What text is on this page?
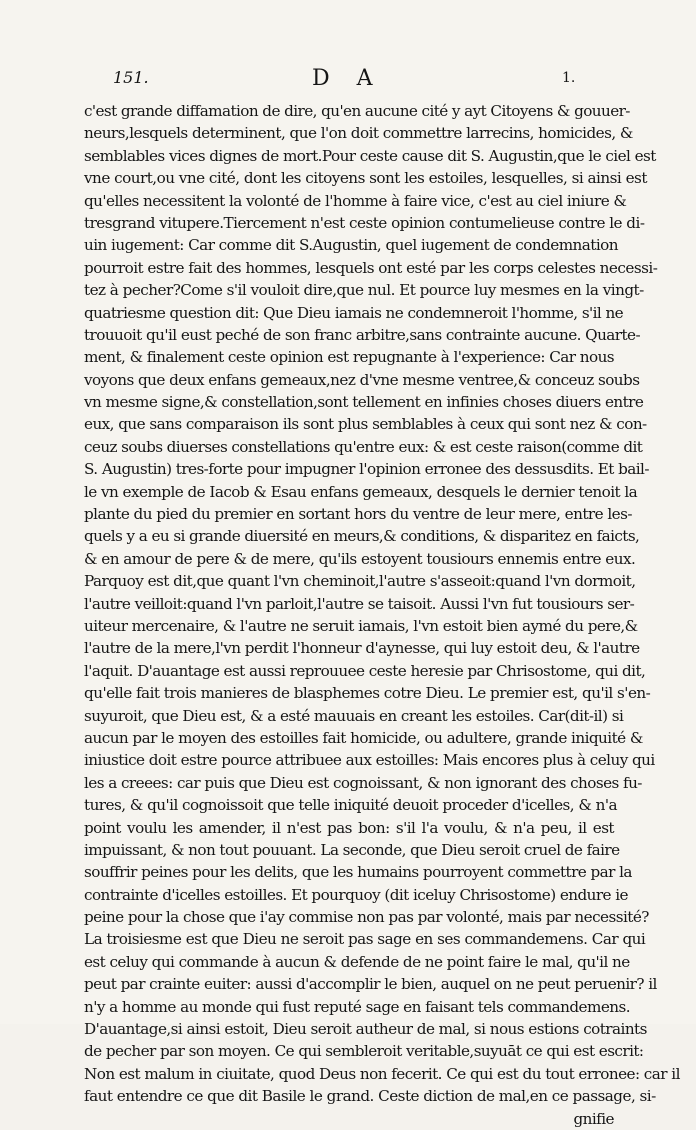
151.	D A	1.
c'est grande diffamation de dire, qu'en aucune cité y ayt Citoyens & gouuer-
neurs,lesquels determinent, que l'on doit commettre larrecins, homicides, &
semblables vices dignes de mort.Pour ceste cause dit S. Augustin,que le ciel est
vne court,ou vne cité, dont les citoyens sont les estoiles, lesquelles, si ainsi est
qu'elles necessitent la volonté de l'homme à faire vice, c'est au ciel iniure &
tresgrand vitupere.Tiercement n'est ceste opinion contumelieuse contre le di-
uin iugement: Car comme dit S.Augustin, quel iugement de condemnation
pourroit estre fait des hommes, lesquels ont esté par les corps celestes necessi-
tez à pecher?Come s'il vouloit dire,que nul. Et pource luy mesmes en la vingt-
quatriesme question dit: Que Dieu iamais ne condemneroit l'homme, s'il ne
trouuoit qu'il eust peché de son franc arbitre,sans contrainte aucune. Quarte-
ment, & finalement ceste opinion est repugnante à l'experience: Car nous
voyons que deux enfans gemeaux,nez d'vne mesme ventree,& conceuz soubs
vn mesme signe,& constellation,sont tellement en infinies choses diuers entre
eux, que sans comparaison ils sont plus semblables à ceux qui sont nez & con-
ceuz soubs diuerses constellations qu'entre eux: & est ceste raison(comme dit
S. Augustin) tres-forte pour impugner l'opinion erronee des dessusdits. Et bail-
le vn exemple de Iacob & Esau enfans gemeaux, desquels le dernier tenoit la
plante du pied du premier en sortant hors du ventre de leur mere, entre les-
quels y a eu si grande diuersité en meurs,& conditions, & disparitez en faicts,
& en amour de pere & de mere, qu'ils estoyent tousiours ennemis entre eux.
Parquoy est dit,que quant l'vn cheminoit,l'autre s'asseoit:quand l'vn dormoit,
l'autre veilloit:quand l'vn parloit,l'autre se taisoit. Aussi l'vn fut tousiours ser-
uiteur mercenaire, & l'autre ne seruit iamais, l'vn estoit bien aymé du pere,&
l'autre de la mere,l'vn perdit l'honneur d'aynesse, qui luy estoit deu, & l'autre
l'aquit. D'auantage est aussi reprouuee ceste heresie par Chrisostome, qui dit,
qu'elle fait trois manieres de blasphemes cotre Dieu. Le premier est, qu'il s'en-
suyuroit, que Dieu est, & a esté mauuais en creant les estoiles. Car(dit-il) si
aucun par le moyen des estoilles fait homicide, ou adultere, grande iniquité &
iniustice doit estre pource attribuee aux estoilles: Mais encores plus à celuy qui
les a creees: car puis que Dieu est cognoissant, & non ignorant des choses fu-
tures, & qu'il cognoissoit que telle iniquité deuoit proceder d'icelles, & n'a
point voulu les amender, il n'est pas bon: s'il l'a voulu, & n'a peu, il est
impuissant, & non tout pouuant. La seconde, que Dieu seroit cruel de faire
souffrir peines pour les delits, que les humains pourroyent commettre par la
contrainte d'icelles estoilles. Et pourquoy (dit iceluy Chrisostome) endure ie
peine pour la chose que i'ay commise non pas par volonté, mais par necessité?
La troisiesme est que Dieu ne seroit pas sage en ses commandemens. Car qui
est celuy qui commande à aucun & defende de ne point faire le mal, qu'il ne
peut par crainte euiter: aussi d'accomplir le bien, auquel on ne peut peruenir? il
n'y a homme au monde qui fust reputé sage en faisant tels commandemens.
D'auantage,si ainsi estoit, Dieu seroit autheur de mal, si nous estions cotraints
de pecher par son moyen. Ce qui sembleroit veritable,suyuāt ce qui est escrit:
Non est malum in ciuitate, quod Deus non fecerit. Ce qui est du tout erronee: car il
faut entendre ce que dit Basile le grand. Ceste diction de mal,en ce passage, si-
gnifie
